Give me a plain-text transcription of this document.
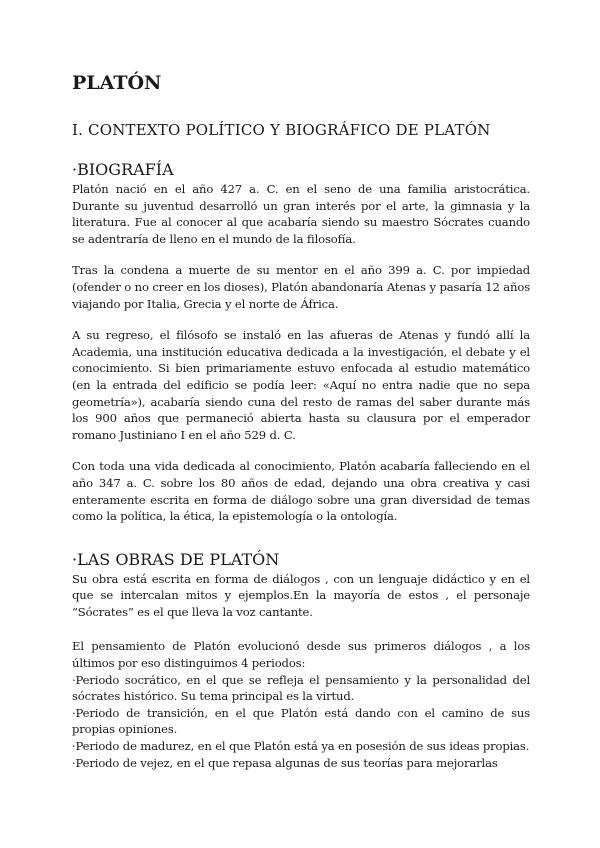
PLATÓN
I. CONTEXTO POLÍTICO Y BIOGRÁFICO DE PLATÓN
·BIOGRAFÍA

Platón nació en el año 427 a. C. en el seno de una familia aristocrática. Durante su juventud desarrolló un gran interés por el arte, la gimnasia y la literatura. Fue al conocer al que acabaría siendo su maestro Sócrates cuando se adentraría de lleno en el mundo de la filosofía.

Tras la condena a muerte de su mentor en el año 399 a. C. por impiedad (ofender o no creer en los dioses), Platón abandonaría Atenas y pasaría 12 años viajando por Italia, Grecia y el norte de África.

A su regreso, el filósofo se instaló en las afueras de Atenas y fundó allí la Academia, una institución educativa dedicada a la investigación, el debate y el conocimiento. Si bien primariamente estuvo enfocada al estudio matemático (en la entrada del edificio se podía leer: «Aquí no entra nadie que no sepa geometría»), acabaría siendo cuna del resto de ramas del saber durante más los 900 años que permaneció abierta hasta su clausura por el emperador romano Justiniano I en el año 529 d. C.

Con toda una vida dedicada al conocimiento, Platón acabaría falleciendo en el año 347 a. C. sobre los 80 años de edad, dejando una obra creativa y casi enteramente escrita en forma de diálogo sobre una gran diversidad de temas como la política, la ética, la epistemología o la ontología.

·LAS OBRAS DE PLATÓN

Su obra está escrita en forma de diálogos , con un lenguaje didáctico y en el que se intercalan mitos y ejemplos.En la mayoría de estos , el personaje “Sócrates” es el que lleva la voz cantante.

El pensamiento de Platón evolucionó desde sus primeros diálogos , a los últimos por eso distinguimos 4 periodos:

·Periodo socrático, en el que se refleja el pensamiento y la personalidad del sócrates histórico. Su tema principal es la virtud.

·Periodo de transición, en el que Platón está dando con el camino de sus propias opiniones.

·Periodo de madurez, en el que Platón está ya en posesión de sus ideas propias.

·Periodo de vejez, en el que repasa algunas de sus teorías para mejorarlas
